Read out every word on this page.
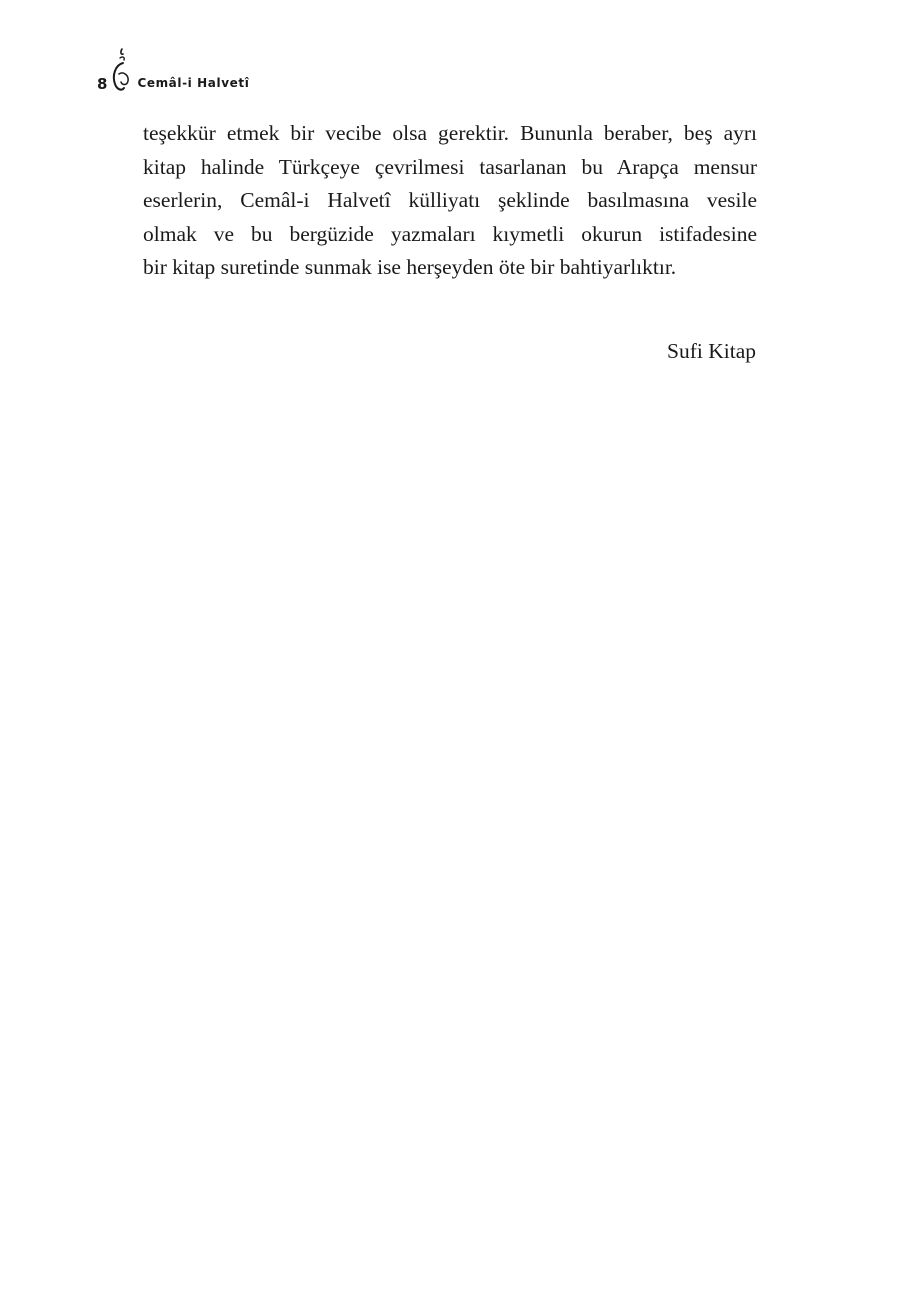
8	Cemâl-i Halvetî

teşekkür etmek bir vecibe olsa gerektir. Bununla beraber, beş ayrı
kitap halinde Türkçeye çevrilmesi tasarlanan bu Arapça mensur
eserlerin, Cemâl-i Halvetî külliyatı şeklinde basılmasına vesile
olmak ve bu bergüzide yazmaları kıymetli okurun istifadesine
bir kitap suretinde sunmak ise herşeyden öte bir bahtiyarlıktır.

Sufi Kitap
